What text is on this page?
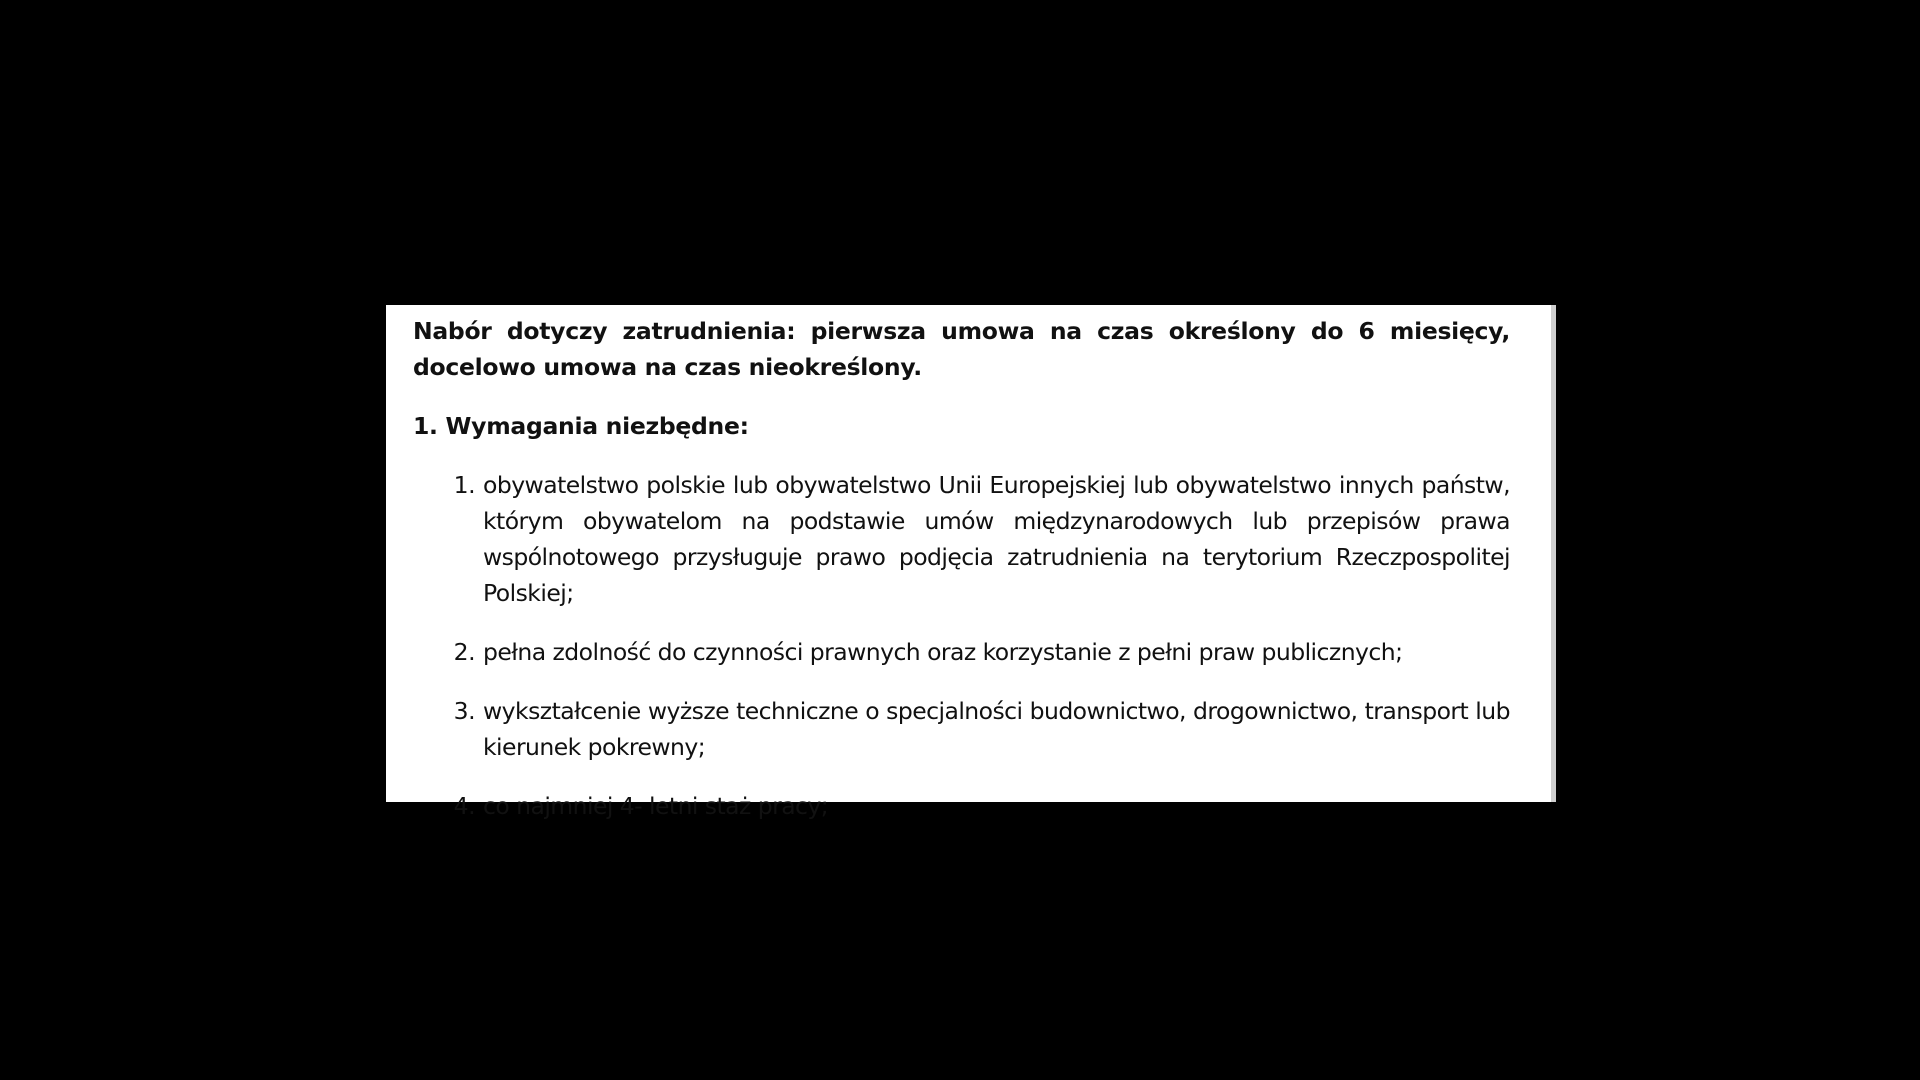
Nabór dotyczy zatrudnienia: pierwsza umowa na czas określony do 6 miesięcy, docelowo umowa na czas nieokreślony.

1. Wymagania niezbędne:

1. obywatelstwo polskie lub obywatelstwo Unii Europejskiej lub obywatelstwo innych państw, którym obywatelom na podstawie umów międzynarodowych lub przepisów prawa wspólnotowego przysługuje prawo podjęcia zatrudnienia na terytorium Rzeczpospolitej Polskiej;
2. pełna zdolność do czynności prawnych oraz korzystanie z pełni praw publicznych;
3. wykształcenie wyższe techniczne o specjalności budownictwo, drogownictwo, transport lub kierunek pokrewny;
4. co najmniej 4- letni staż pracy;
